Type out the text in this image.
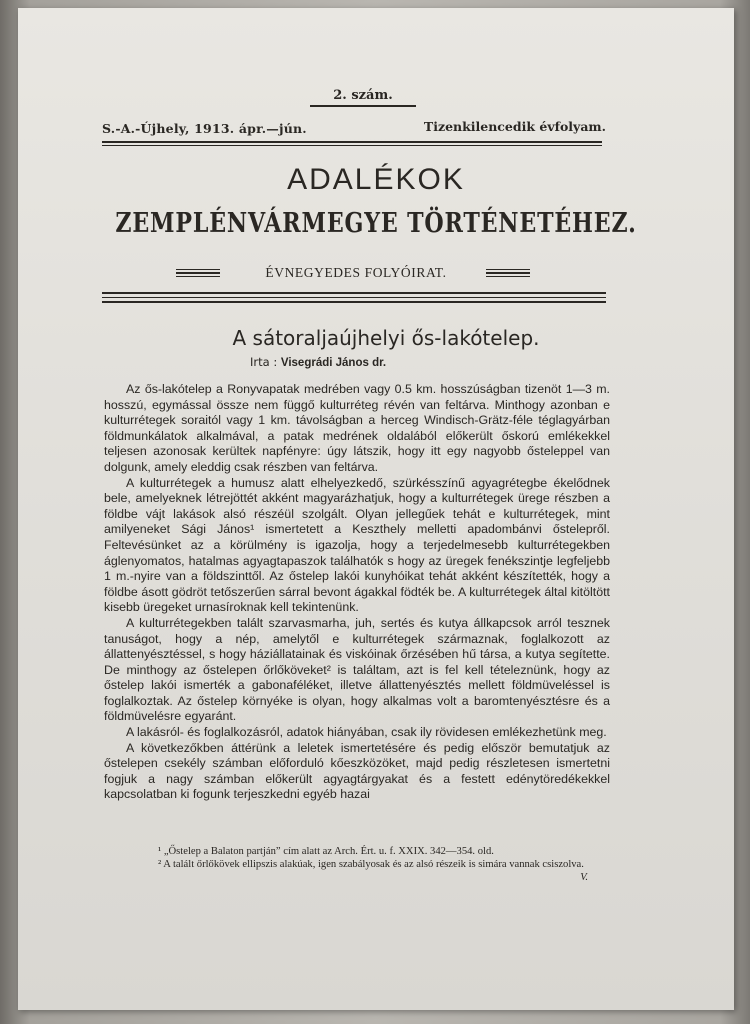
2. szám.
S.-A.-Újhely, 1913. ápr.—jún.	Tizenkilencedik évfolyam.
ADALÉKOK
ZEMPLÉNVÁRMEGYE TÖRTÉNETÉHEZ.
ÉVNEGYEDES FOLYÓIRAT.
A sátoraljaújhelyi ős-lakótelep.
Irta : Visegrádi János dr.

Az ős-lakótelep a Ronyvapatak medrében vagy 0.5 km. hosszúságban tizenöt 1—3 m. hosszú, egymással össze nem függő kulturréteg révén van feltárva. Minthogy azonban e kulturrétegek soraitól vagy 1 km. távolságban a herceg Windisch-Grätz-féle téglagyárban földmunkálatok alkalmával, a patak medrének oldalából előkerült őskorú emlékekkel teljesen azonosak kerültek napfényre: úgy látszik, hogy itt egy nagyobb őstelеppel van dolgunk, amely eleddig csak részben van feltárva.

A kulturrétegek a humusz alatt elhelyezkedő, szürkésszínű agyagrétegbe ékelődnek bele, amelyeknek létrejöttét akként magyarázhatjuk, hogy a kulturrétegek ürege részben a földbe vájt lakások alsó részéül szolgált. Olyan jellegűek tehát e kulturrétegek, mint amilyeneket Sági János¹ ismertetett a Keszthely melletti apadombánvi őstelepről. Feltevésünket az a körülmény is igazolja, hogy a terjedelmesebb kulturrétegekben áglenyomatos, hatalmas agyagtapaszok találhatók s hogy az üregek fenékszintje legfeljebb 1 m.-nyire van a földszinttől. Az őstelep lakói kunyhóikat tehát akként készítették, hogy a földbe ásott gödröt tetőszerűen sárral bevont ágakkal födték be. A kulturrétegek által kitöltött kisebb üregeket urnasíroknak kell tekintenünk.

A kulturrétegekben talált szarvasmarha, juh, sertés és kutya állkapcsok arról tesznek tanuságot, hogy a nép, amelytől e kulturrétegek származnak, foglalkozott az állattenyésztéssel, s hogy háziállatainak és viskóinak őrzésében hű társa, a kutya segítette. De minthogy az őstelepen őrlőköveket² is találtam, azt is fel kell tételeznünk, hogy az őstelep lakói ismerték a gabonaféléket, illetve állattenyésztés mellett földmüveléssel is foglalkoztak. Az őstelep környéke is olyan, hogy alkalmas volt a baromtenyésztésre és a földmüvelésre egyaránt.

A lakásról- és foglalkozásról, adatok hiányában, csak ily rövidesen emlékezhetünk meg.

A következőkben áttérünk a leletek ismertetésére és pedig először bemutatjuk az őstelepen csekély számban előforduló kőeszközöket, majd pedig részletesen ismertetni fogjuk a nagy számban előkerült agyagtárgyakat és a festett edénytöredékekkel kapcsolatban ki fogunk terjeszkedni egyéb hazai

¹ „Őstelep a Balaton partján” cím alatt az Arch. Ért. u. f. XXIX. 342—354. old.

² A talált őrlőkövek ellipszis alakúak, igen szabályosak és az alsó részeik is simára vannak csiszolva.
V.
